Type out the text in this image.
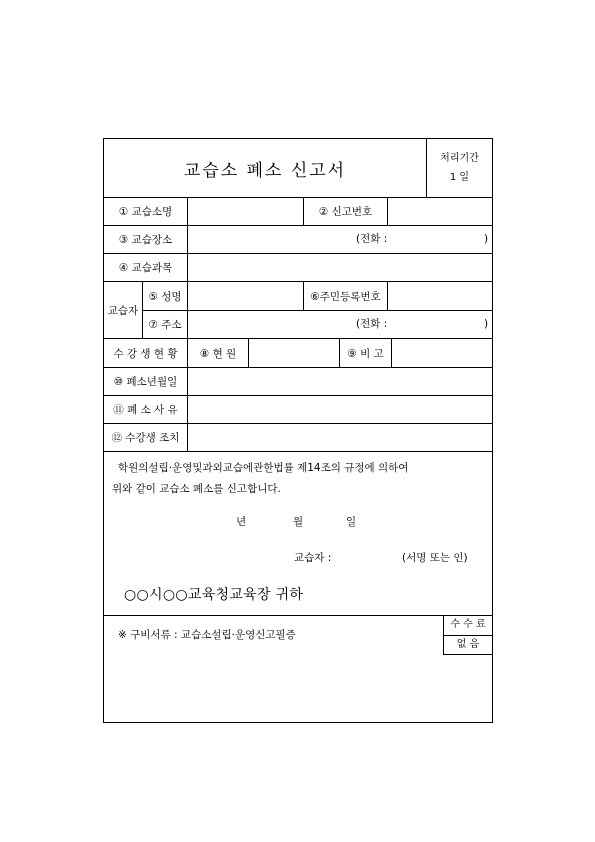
교습소 폐소 신고서
처리기간
1 일
① 교습소명	② 신고번호
③ 교습장소	(전화 :	)
④ 교습과목
교습자
⑤ 성명	⑥주민등록번호
⑦ 주소	(전화 :	)
수 강 생 현 황	⑧ 현 원	⑨ 비 고
⑩ 폐소년월일
⑪ 폐 소 사 유
⑫ 수강생 조치
학원의설립·운영및과외교습에관한법률 제14조의 규정에 의하여
위와 같이 교습소 폐소를 신고합니다.
년	월	일
교습자 :	(서명 또는 인)
○○시○○교육청교육장 귀하
※ 구비서류 : 교습소설립·운영신고필증
수 수 료
없 음
